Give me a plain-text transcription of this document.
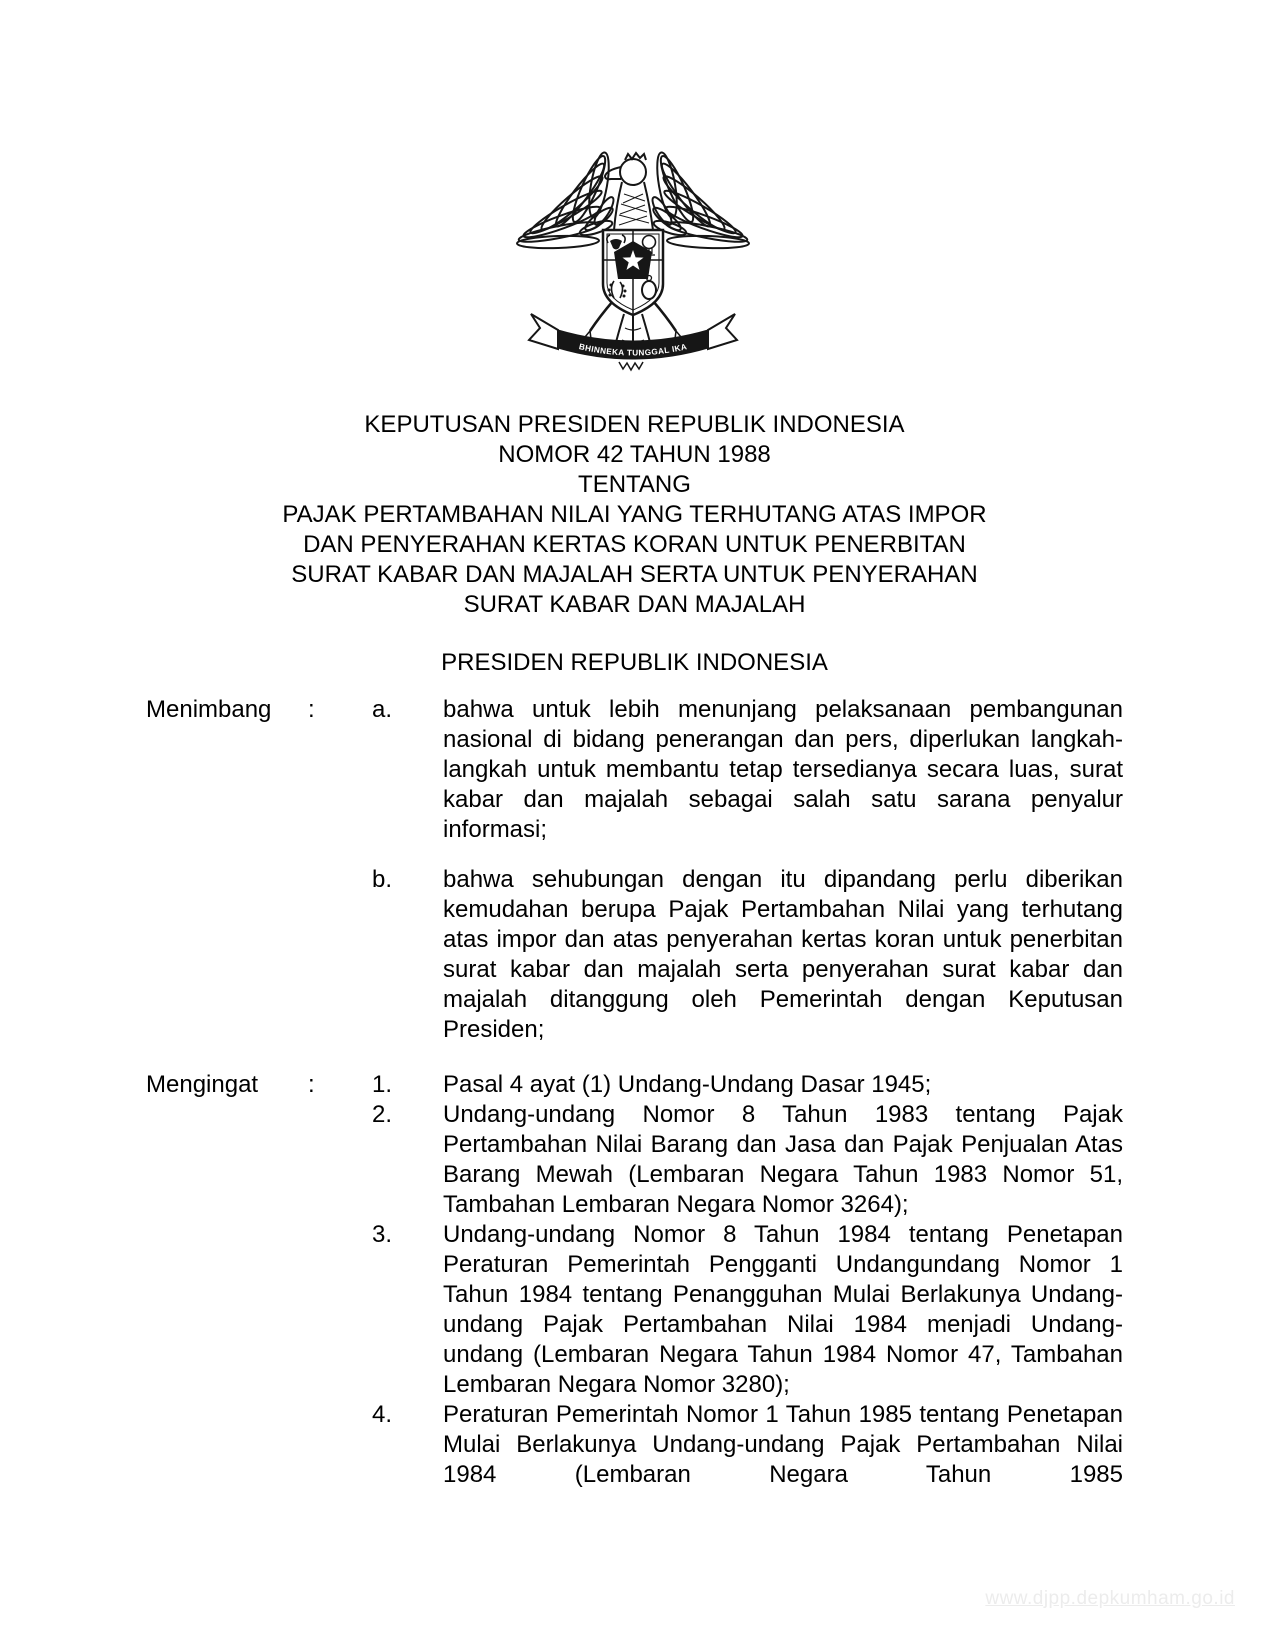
BHINNEKA TUNGGAL IKA
KEPUTUSAN PRESIDEN REPUBLIK INDONESIA
NOMOR 42 TAHUN 1988
TENTANG
PAJAK PERTAMBAHAN NILAI YANG TERHUTANG ATAS IMPOR
DAN PENYERAHAN KERTAS KORAN UNTUK PENERBITAN
SURAT KABAR DAN MAJALAH SERTA UNTUK PENYERAHAN
SURAT KABAR DAN MAJALAH
PRESIDEN REPUBLIK INDONESIA
Menimbang	:	a.	bahwa untuk lebih menunjang pelaksanaan pembangunan nasional di bidang penerangan dan pers, diperlukan langkah-langkah untuk membantu tetap tersedianya secara luas, surat kabar dan majalah sebagai salah satu sarana penyalur informasi;
b.	bahwa sehubungan dengan itu dipandang perlu diberikan kemudahan berupa Pajak Pertambahan Nilai yang terhutang atas impor dan atas penyerahan kertas koran untuk penerbitan surat kabar dan majalah serta penyerahan surat kabar dan majalah ditanggung oleh Pemerintah dengan Keputusan Presiden;
Mengingat	:	1.	Pasal 4 ayat (1) Undang-Undang Dasar 1945;
2.	Undang-undang Nomor 8 Tahun 1983 tentang Pajak Pertambahan Nilai Barang dan Jasa dan Pajak Penjualan Atas Barang Mewah (Lembaran Negara Tahun 1983 Nomor 51, Tambahan Lembaran Negara Nomor 3264);
3.	Undang-undang Nomor 8 Tahun 1984 tentang Penetapan Peraturan Pemerintah Pengganti Undangundang Nomor 1 Tahun 1984 tentang Penangguhan Mulai Berlakunya Undang-undang Pajak Pertambahan Nilai 1984 menjadi Undang-undang (Lembaran Negara Tahun 1984 Nomor 47, Tambahan Lembaran Negara Nomor 3280);
4.	Peraturan Pemerintah Nomor 1 Tahun 1985 tentang Penetapan Mulai Berlakunya Undang-undang Pajak Pertambahan Nilai 1984 (Lembaran Negara Tahun 1985
www.djpp.depkumham.go.id
